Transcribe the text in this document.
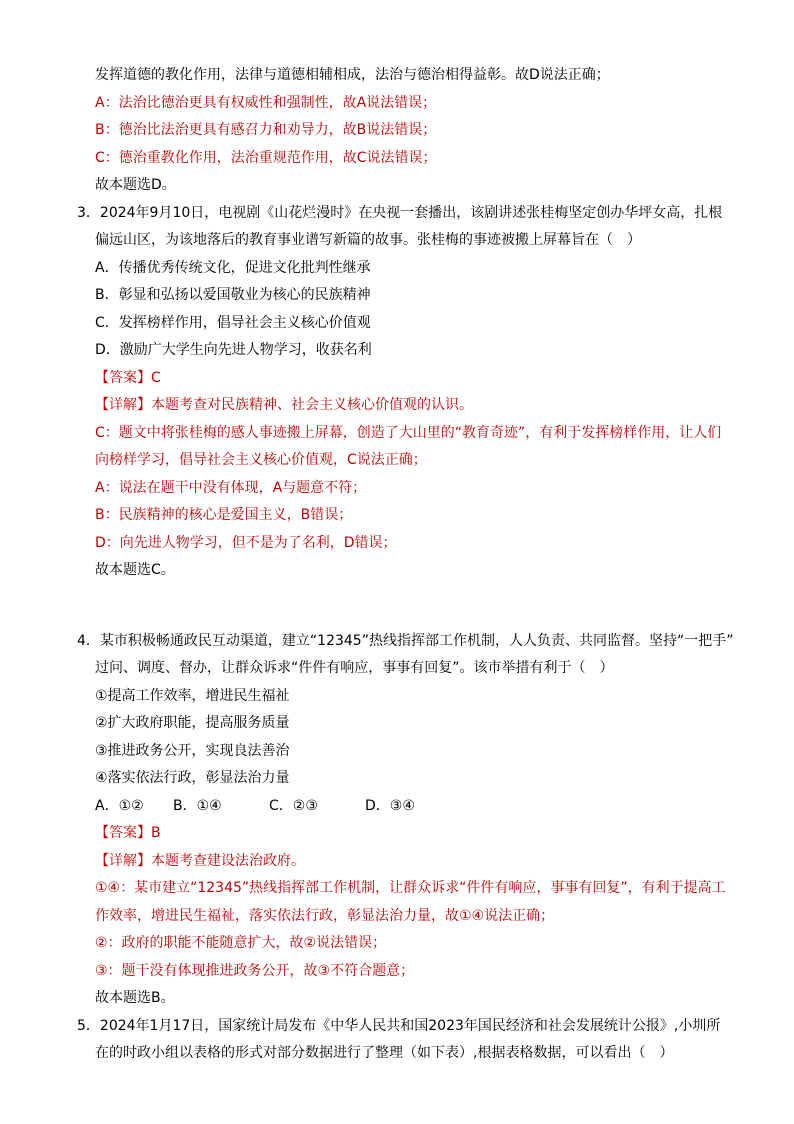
发挥道德的教化作用，法律与道德相辅相成，法治与德治相得益彰。故D说法正确；
A：法治比德治更具有权威性和强制性，故A说法错误；
B：德治比法治更具有感召力和劝导力，故B说法错误；
C：德治重教化作用，法治重规范作用，故C说法错误；
故本题选D。
3．2024年9月10日，电视剧《山花烂漫时》在央视一套播出，该剧讲述张桂梅坚定创办华坪女高，扎根
偏远山区，为该地落后的教育事业谱写新篇的故事。张桂梅的事迹被搬上屏幕旨在（　）
A．传播优秀传统文化，促进文化批判性继承
B．彰显和弘扬以爱国敬业为核心的民族精神
C．发挥榜样作用，倡导社会主义核心价值观
D．激励广大学生向先进人物学习，收获名利
【答案】C
【详解】本题考查对民族精神、社会主义核心价值观的认识。
C：题文中将张桂梅的感人事迹搬上屏幕，创造了大山里的“教育奇迹”，有利于发挥榜样作用，让人们
向榜样学习，倡导社会主义核心价值观，C说法正确；
A：说法在题干中没有体现，A与题意不符；
B：民族精神的核心是爱国主义，B错误；
D：向先进人物学习，但不是为了名利，D错误；
故本题选C。
4．某市积极畅通政民互动渠道，建立“12345”热线指挥部工作机制，人人负责、共同监督。坚持“一把手”
过问、调度、督办，让群众诉求“件件有响应，事事有回复”。该市举措有利于（　）
①提高工作效率，增进民生福祉
②扩大政府职能，提高服务质量
③推进政务公开，实现良法善治
④落实依法行政，彰显法治力量
A．①② B．①④	C．②③	D．③④
【答案】B
【详解】本题考查建设法治政府。
①④：某市建立“12345”热线指挥部工作机制，让群众诉求“件件有响应，事事有回复”，有利于提高工
作效率，增进民生福祉，落实依法行政，彰显法治力量，故①④说法正确；
②：政府的职能不能随意扩大，故②说法错误；
③：题干没有体现推进政务公开，故③不符合题意；
故本题选B。
5．2024年1月17日，国家统计局发布《中华人民共和国2023年国民经济和社会发展统计公报》,小圳所
在的时政小组以表格的形式对部分数据进行了整理（如下表）,根据表格数据，可以看出（　）
